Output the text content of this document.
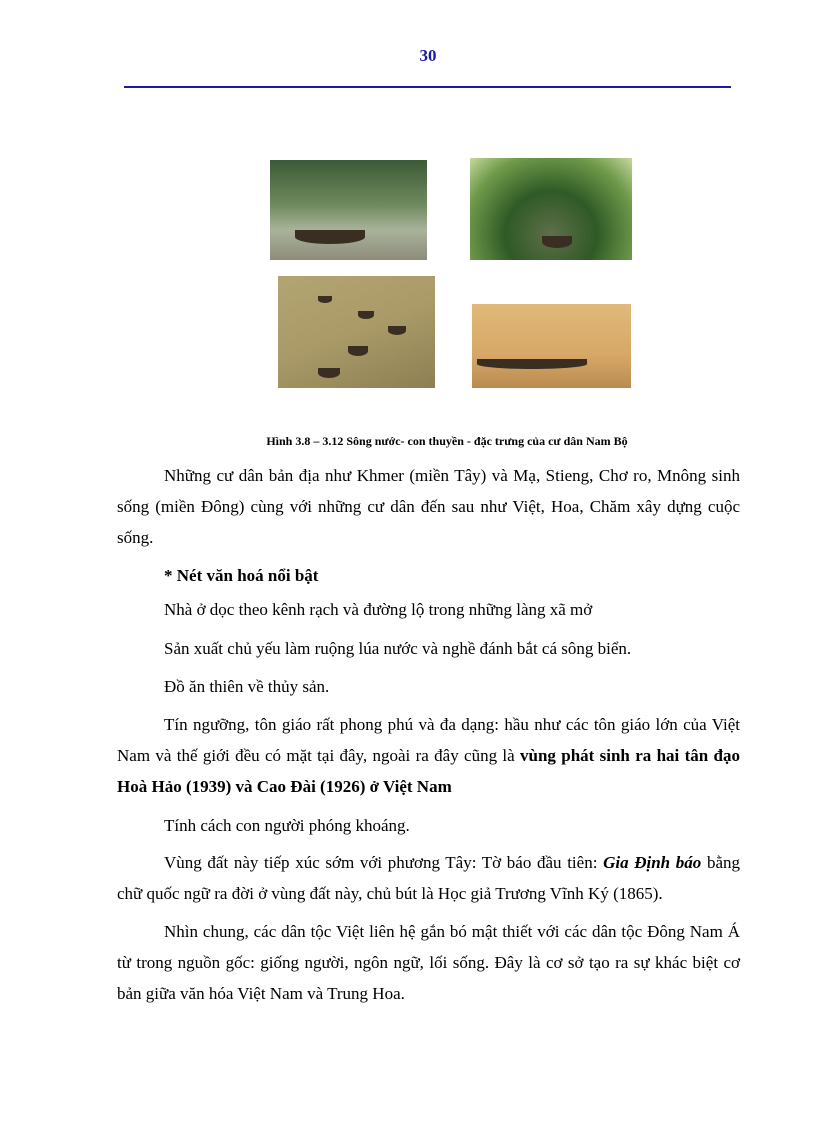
30
Hình 3.8 – 3.12 Sông nước- con thuyền - đặc trưng của cư dân Nam Bộ

Những cư dân bản địa như Khmer (miền Tây) và Mạ, Stieng, Chơ ro, Mnông sinh sống (miền Đông) cùng với những cư dân đến sau như Việt, Hoa, Chăm xây dựng cuộc sống.

* Nét văn hoá nổi bật

Nhà ở dọc theo kênh rạch và đường lộ trong những làng xã mở

Sản xuất chủ yếu làm ruộng lúa nước và nghề đánh bắt cá sông biển.

Đồ ăn thiên về thủy sản.

Tín ngưỡng, tôn giáo rất phong phú và đa dạng: hầu như các tôn giáo lớn của Việt Nam và thế giới đều có mặt tại đây, ngoài ra đây cũng là vùng phát sinh ra hai tân đạo Hoà Hảo (1939) và Cao Đài (1926) ở Việt Nam

Tính cách con người phóng khoáng.

Vùng đất này tiếp xúc sớm với phương Tây: Tờ báo đầu tiên: Gia Định báo bằng chữ quốc ngữ ra đời ở vùng đất này, chủ bút là Học giả Trương Vĩnh Ký (1865).

Nhìn chung, các dân tộc Việt liên hệ gắn bó mật thiết với các dân tộc Đông Nam Á từ trong nguồn gốc: giống người, ngôn ngữ, lối sống. Đây là cơ sở tạo ra sự khác biệt cơ bản giữa văn hóa Việt Nam và Trung Hoa.
